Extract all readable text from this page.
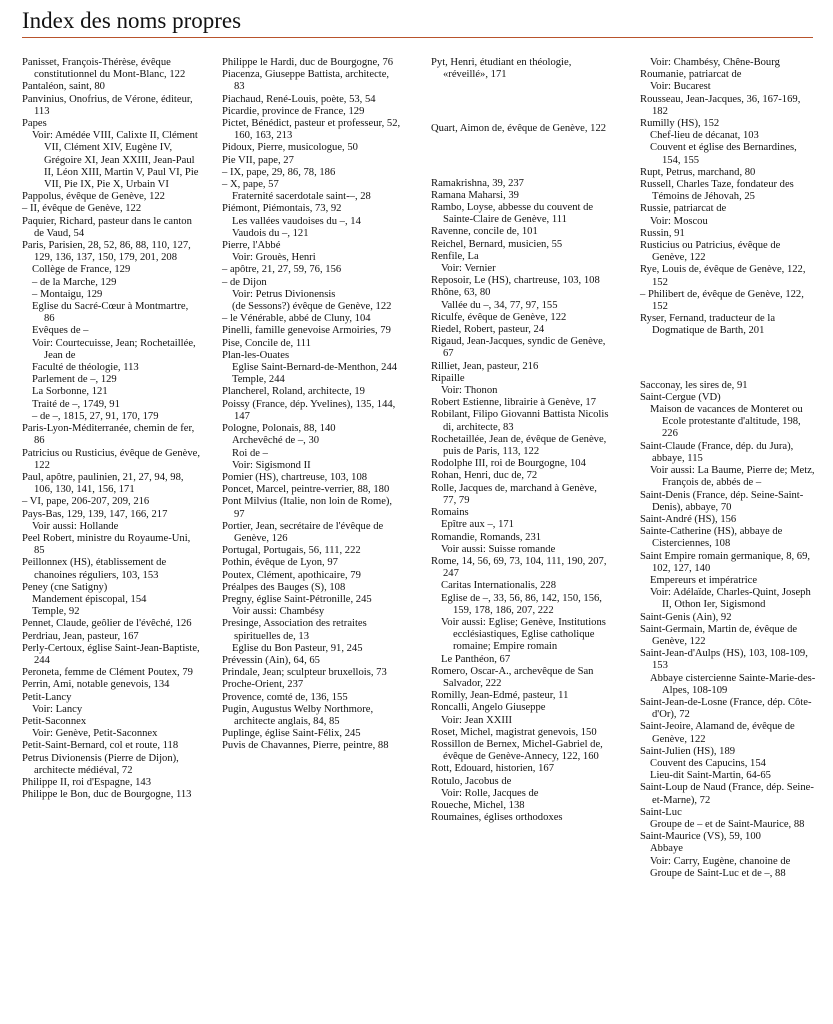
Index des noms propres

Panisset, François-Thérèse, évêque constitutionnel du Mont-Blanc, 122

Pantaléon, saint, 80

Panvinius, Onofrius, de Vérone, éditeur, 113

Papes

Voir: Amédée VIII, Calixte II, Clément VII, Clément XIV, Eugène IV, Grégoire XI, Jean XXIII, Jean-Paul II, Léon XIII, Martin V, Paul VI, Pie VII, Pie IX, Pie X, Urbain VI

Pappolus, évêque de Genève, 122

– II, évêque de Genève, 122

Paquier, Richard, pasteur dans le canton de Vaud, 54

Paris, Parisien, 28, 52, 86, 88, 110, 127, 129, 136, 137, 150, 179, 201, 208

Collège de France, 129

– de la Marche, 129

– Montaigu, 129

Eglise du Sacré-Cœur à Montmartre, 86

Evêques de –

Voir: Courtecuisse, Jean; Rochetaillée, Jean de

Faculté de théologie, 113

Parlement de –, 129

La Sorbonne, 121

Traité de –, 1749, 91

– de –, 1815, 27, 91, 170, 179

Paris-Lyon-Méditerranée, chemin de fer, 86

Patricius ou Rusticius, évêque de Genève, 122

Paul, apôtre, paulinien, 21, 27, 94, 98, 106, 130, 141, 156, 171

– VI, pape, 206-207, 209, 216

Pays-Bas, 129, 139, 147, 166, 217

Voir aussi: Hollande

Peel Robert, ministre du Royaume-Uni, 85

Peillonnex (HS), établissement de chanoines réguliers, 103, 153

Peney (cne Satigny)

Mandement épiscopal, 154

Temple, 92

Pennet, Claude, geôlier de l'évêché, 126

Perdriau, Jean, pasteur, 167

Perly-Certoux, église Saint-Jean-Baptiste, 244

Peroneta, femme de Clément Poutex, 79

Perrin, Ami, notable genevois, 134

Petit-Lancy

Voir: Lancy

Petit-Saconnex

Voir: Genève, Petit-Saconnex

Petit-Saint-Bernard, col et route, 118

Petrus Divionensis (Pierre de Dijon), architecte médiéval, 72

Philippe II, roi d'Espagne, 143

Philippe le Bon, duc de Bourgogne, 113

Philippe le Hardi, duc de Bourgogne, 76

Piacenza, Giuseppe Battista, architecte, 83

Piachaud, René-Louis, poète, 53, 54

Picardie, province de France, 129

Pictet, Bénédict, pasteur et professeur, 52, 160, 163, 213

Pidoux, Pierre, musicologue, 50

Pie VII, pape, 27

– IX, pape, 29, 86, 78, 186

– X, pape, 57

Fraternité sacerdotale saint-–, 28

Piémont, Piémontais, 73, 92

Les vallées vaudoises du –, 14

Vaudois du –, 121

Pierre, l'Abbé

Voir: Grouès, Henri

– apôtre, 21, 27, 59, 76, 156

– de Dijon

Voir: Petrus Divionensis

(de Sessons?) évêque de Genève, 122

– le Vénérable, abbé de Cluny, 104

Pinelli, famille genevoise Armoiries, 79

Pise, Concile de, 111

Plan-les-Ouates

Eglise Saint-Bernard-de-Menthon, 244

Temple, 244

Plancherel, Roland, architecte, 19

Poissy (France, dép. Yvelines), 135, 144, 147

Pologne, Polonais, 88, 140

Archevêché de –, 30

Roi de –

Voir: Sigismond II

Pomier (HS), chartreuse, 103, 108

Poncet, Marcel, peintre-verrier, 88, 180

Pont Milvius (Italie, non loin de Rome), 97

Portier, Jean, secrétaire de l'évêque de Genève, 126

Portugal, Portugais, 56, 111, 222

Pothin, évêque de Lyon, 97

Poutex, Clément, apothicaire, 79

Préalpes des Bauges (S), 108

Pregny, église Saint-Pétronille, 245

Voir aussi: Chambésy

Presinge, Association des retraites spirituelles de, 13

Eglise du Bon Pasteur, 91, 245

Prévessin (Ain), 64, 65

Prindale, Jean; sculpteur bruxellois, 73

Proche-Orient, 237

Provence, comté de, 136, 155

Pugin, Augustus Welby Northmore, architecte anglais, 84, 85

Puplinge, église Saint-Félix, 245

Puvis de Chavannes, Pierre, peintre, 88

Pyt, Henri, étudiant en théologie, «réveillé», 171

Quart, Aimon de, évêque de Genève, 122

Ramakrishna, 39, 237

Ramana Maharsi, 39

Rambo, Loyse, abbesse du couvent de Sainte-Claire de Genève, 111

Ravenne, concile de, 101

Reichel, Bernard, musicien, 55

Renfile, La

Voir: Vernier

Reposoir, Le (HS), chartreuse, 103, 108

Rhône, 63, 80

Vallée du –, 34, 77, 97, 155

Riculfe, évêque de Genève, 122

Riedel, Robert, pasteur, 24

Rigaud, Jean-Jacques, syndic de Genève, 67

Rilliet, Jean, pasteur, 216

Ripaille

Voir: Thonon

Robert Estienne, librairie à Genève, 17

Robilant, Filipo Giovanni Battista Nicolis di, architecte, 83

Rochetaillée, Jean de, évêque de Genève, puis de Paris, 113, 122

Rodolphe III, roi de Bourgogne, 104

Rohan, Henri, duc de, 72

Rolle, Jacques de, marchand à Genève, 77, 79

Romains

Epître aux –, 171

Romandie, Romands, 231

Voir aussi: Suisse romande

Rome, 14, 56, 69, 73, 104, 111, 190, 207, 247

Caritas Internationalis, 228

Eglise de –, 33, 56, 86, 142, 150, 156, 159, 178, 186, 207, 222

Voir aussi: Eglise; Genève, Institutions ecclésiastiques, Eglise catholique romaine; Empire romain

Le Panthéon, 67

Romero, Oscar-A., archevêque de San Salvador, 222

Romilly, Jean-Edmé, pasteur, 11

Roncalli, Angelo Giuseppe

Voir: Jean XXIII

Roset, Michel, magistrat genevois, 150

Rossillon de Bernex, Michel-Gabriel de, évêque de Genève-Annecy, 122, 160

Rott, Edouard, historien, 167

Rotulo, Jacobus de

Voir: Rolle, Jacques de

Roueche, Michel, 138

Roumaines, églises orthodoxes

Voir: Chambésy, Chêne-Bourg

Roumanie, patriarcat de

Voir: Bucarest

Rousseau, Jean-Jacques, 36, 167-169, 182

Rumilly (HS), 152

Chef-lieu de décanat, 103

Couvent et église des Bernardines, 154, 155

Rupt, Petrus, marchand, 80

Russell, Charles Taze, fondateur des Témoins de Jéhovah, 25

Russie, patriarcat de

Voir: Moscou

Russin, 91

Rusticius ou Patricius, évêque de Genève, 122

Rye, Louis de, évêque de Genève, 122, 152

– Philibert de, évêque de Genève, 122, 152

Ryser, Fernand, traducteur de la Dogmatique de Barth, 201

Sacconay, les sires de, 91

Saint-Cergue (VD)

Maison de vacances de Monteret ou Ecole protestante d'altitude, 198, 226

Saint-Claude (France, dép. du Jura), abbaye, 115

Voir aussi: La Baume, Pierre de; Metz, François de, abbés de –

Saint-Denis (France, dép. Seine-Saint-Denis), abbaye, 70

Saint-André (HS), 156

Sainte-Catherine (HS), abbaye de Cisterciennes, 108

Saint Empire romain germanique, 8, 69, 102, 127, 140

Empereurs et impératrice

Voir: Adélaïde, Charles-Quint, Joseph II, Othon Ier, Sigismond

Saint-Genis (Ain), 92

Saint-Germain, Martin de, évêque de Genève, 122

Saint-Jean-d'Aulps (HS), 103, 108-109, 153

Abbaye cistercienne Sainte-Marie-des-Alpes, 108-109

Saint-Jean-de-Losne (France, dép. Côte-d'Or), 72

Saint-Jeoire, Alamand de, évêque de Genève, 122

Saint-Julien (HS), 189

Couvent des Capucins, 154

Lieu-dit Saint-Martin, 64-65

Saint-Loup de Naud (France, dép. Seine-et-Marne), 72

Saint-Luc

Groupe de – et de Saint-Maurice, 88

Saint-Maurice (VS), 59, 100

Abbaye

Voir: Carry, Eugène, chanoine de

Groupe de Saint-Luc et de –, 88
